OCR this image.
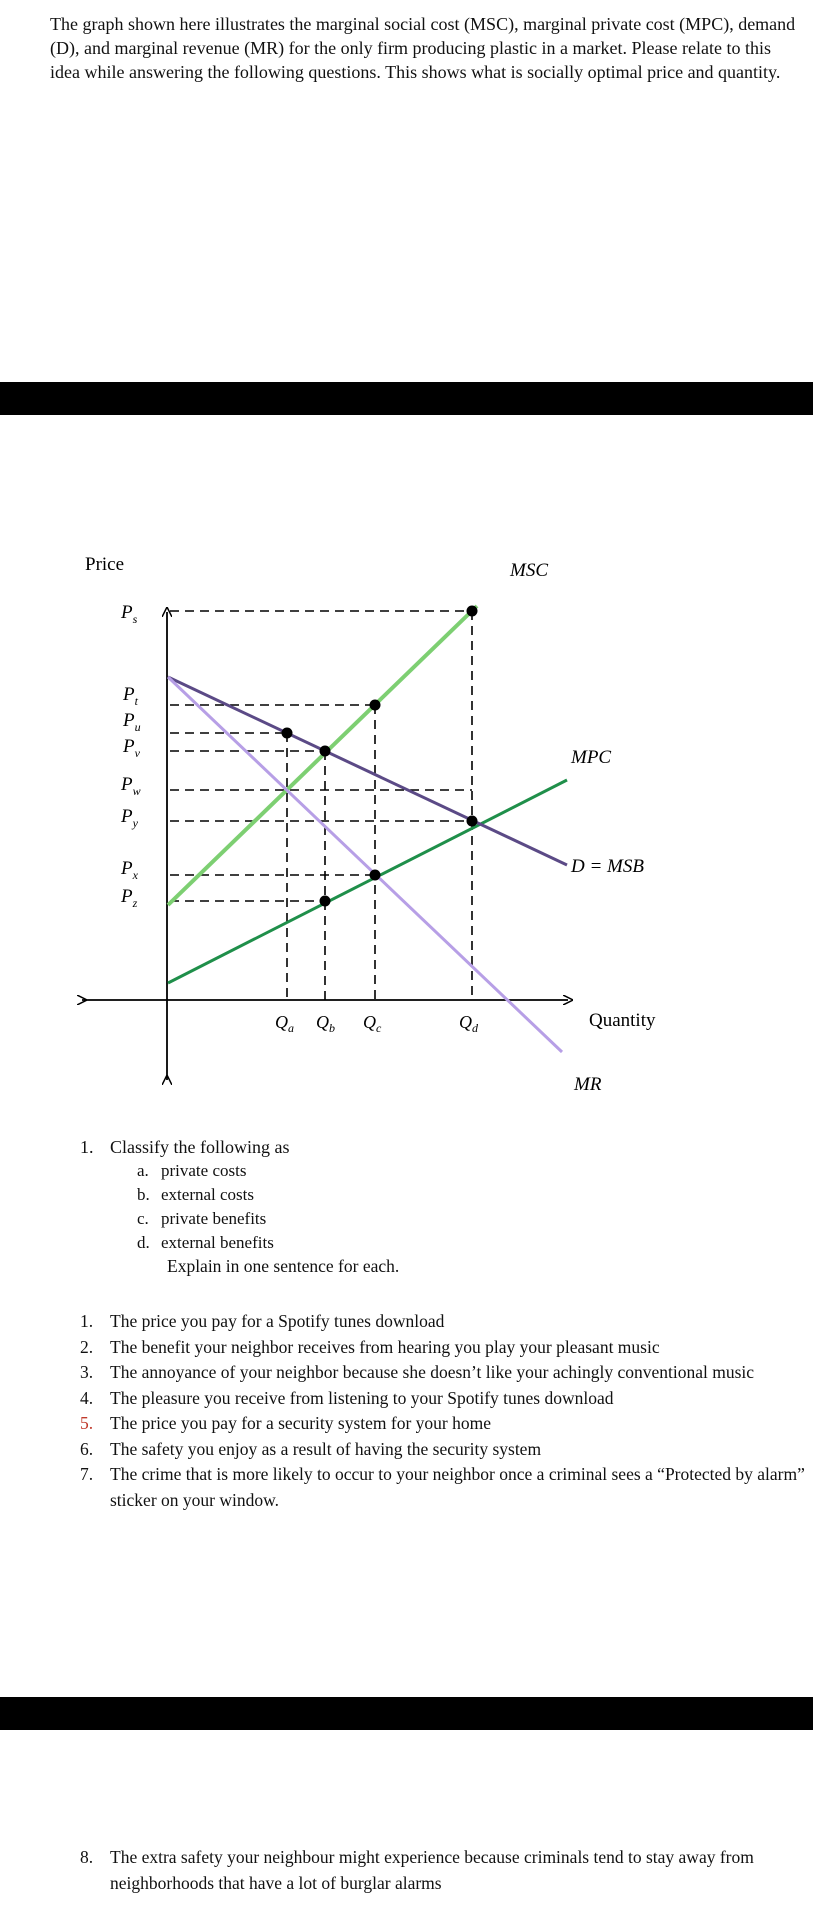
The graph shown here illustrates the marginal social cost (MSC), marginal private cost (MPC), demand (D), and marginal revenue (MR) for the only firm producing plastic in a market. Please relate to this idea while answering the following questions. This shows what is socially optimal price and quantity.
Price
Quantity
MSC
MPC
D = MSB
MR
$P_s$
$P_t$
$P_u$
$P_v$
$P_w$
$P_y$
$P_x$
$P_z$
$Q_a$ $Q_b$ $Q_c$	$Q_d$
1. Classify the following as
a. private costs
b. external costs
c. private benefits
d. external benefits
Explain in one sentence for each.
1. The price you pay for a Spotify tunes download
2. The benefit your neighbor receives from hearing you play your pleasant music
3. The annoyance of your neighbor because she doesn’t like your achingly conventional music
4. The pleasure you receive from listening to your Spotify tunes download
5. The price you pay for a security system for your home
6. The safety you enjoy as a result of having the security system
7. The crime that is more likely to occur to your neighbor once a criminal sees a “Protected by alarm” sticker on your window.
8. The extra safety your neighbour might experience because criminals tend to stay away from neighborhoods that have a lot of burglar alarms
